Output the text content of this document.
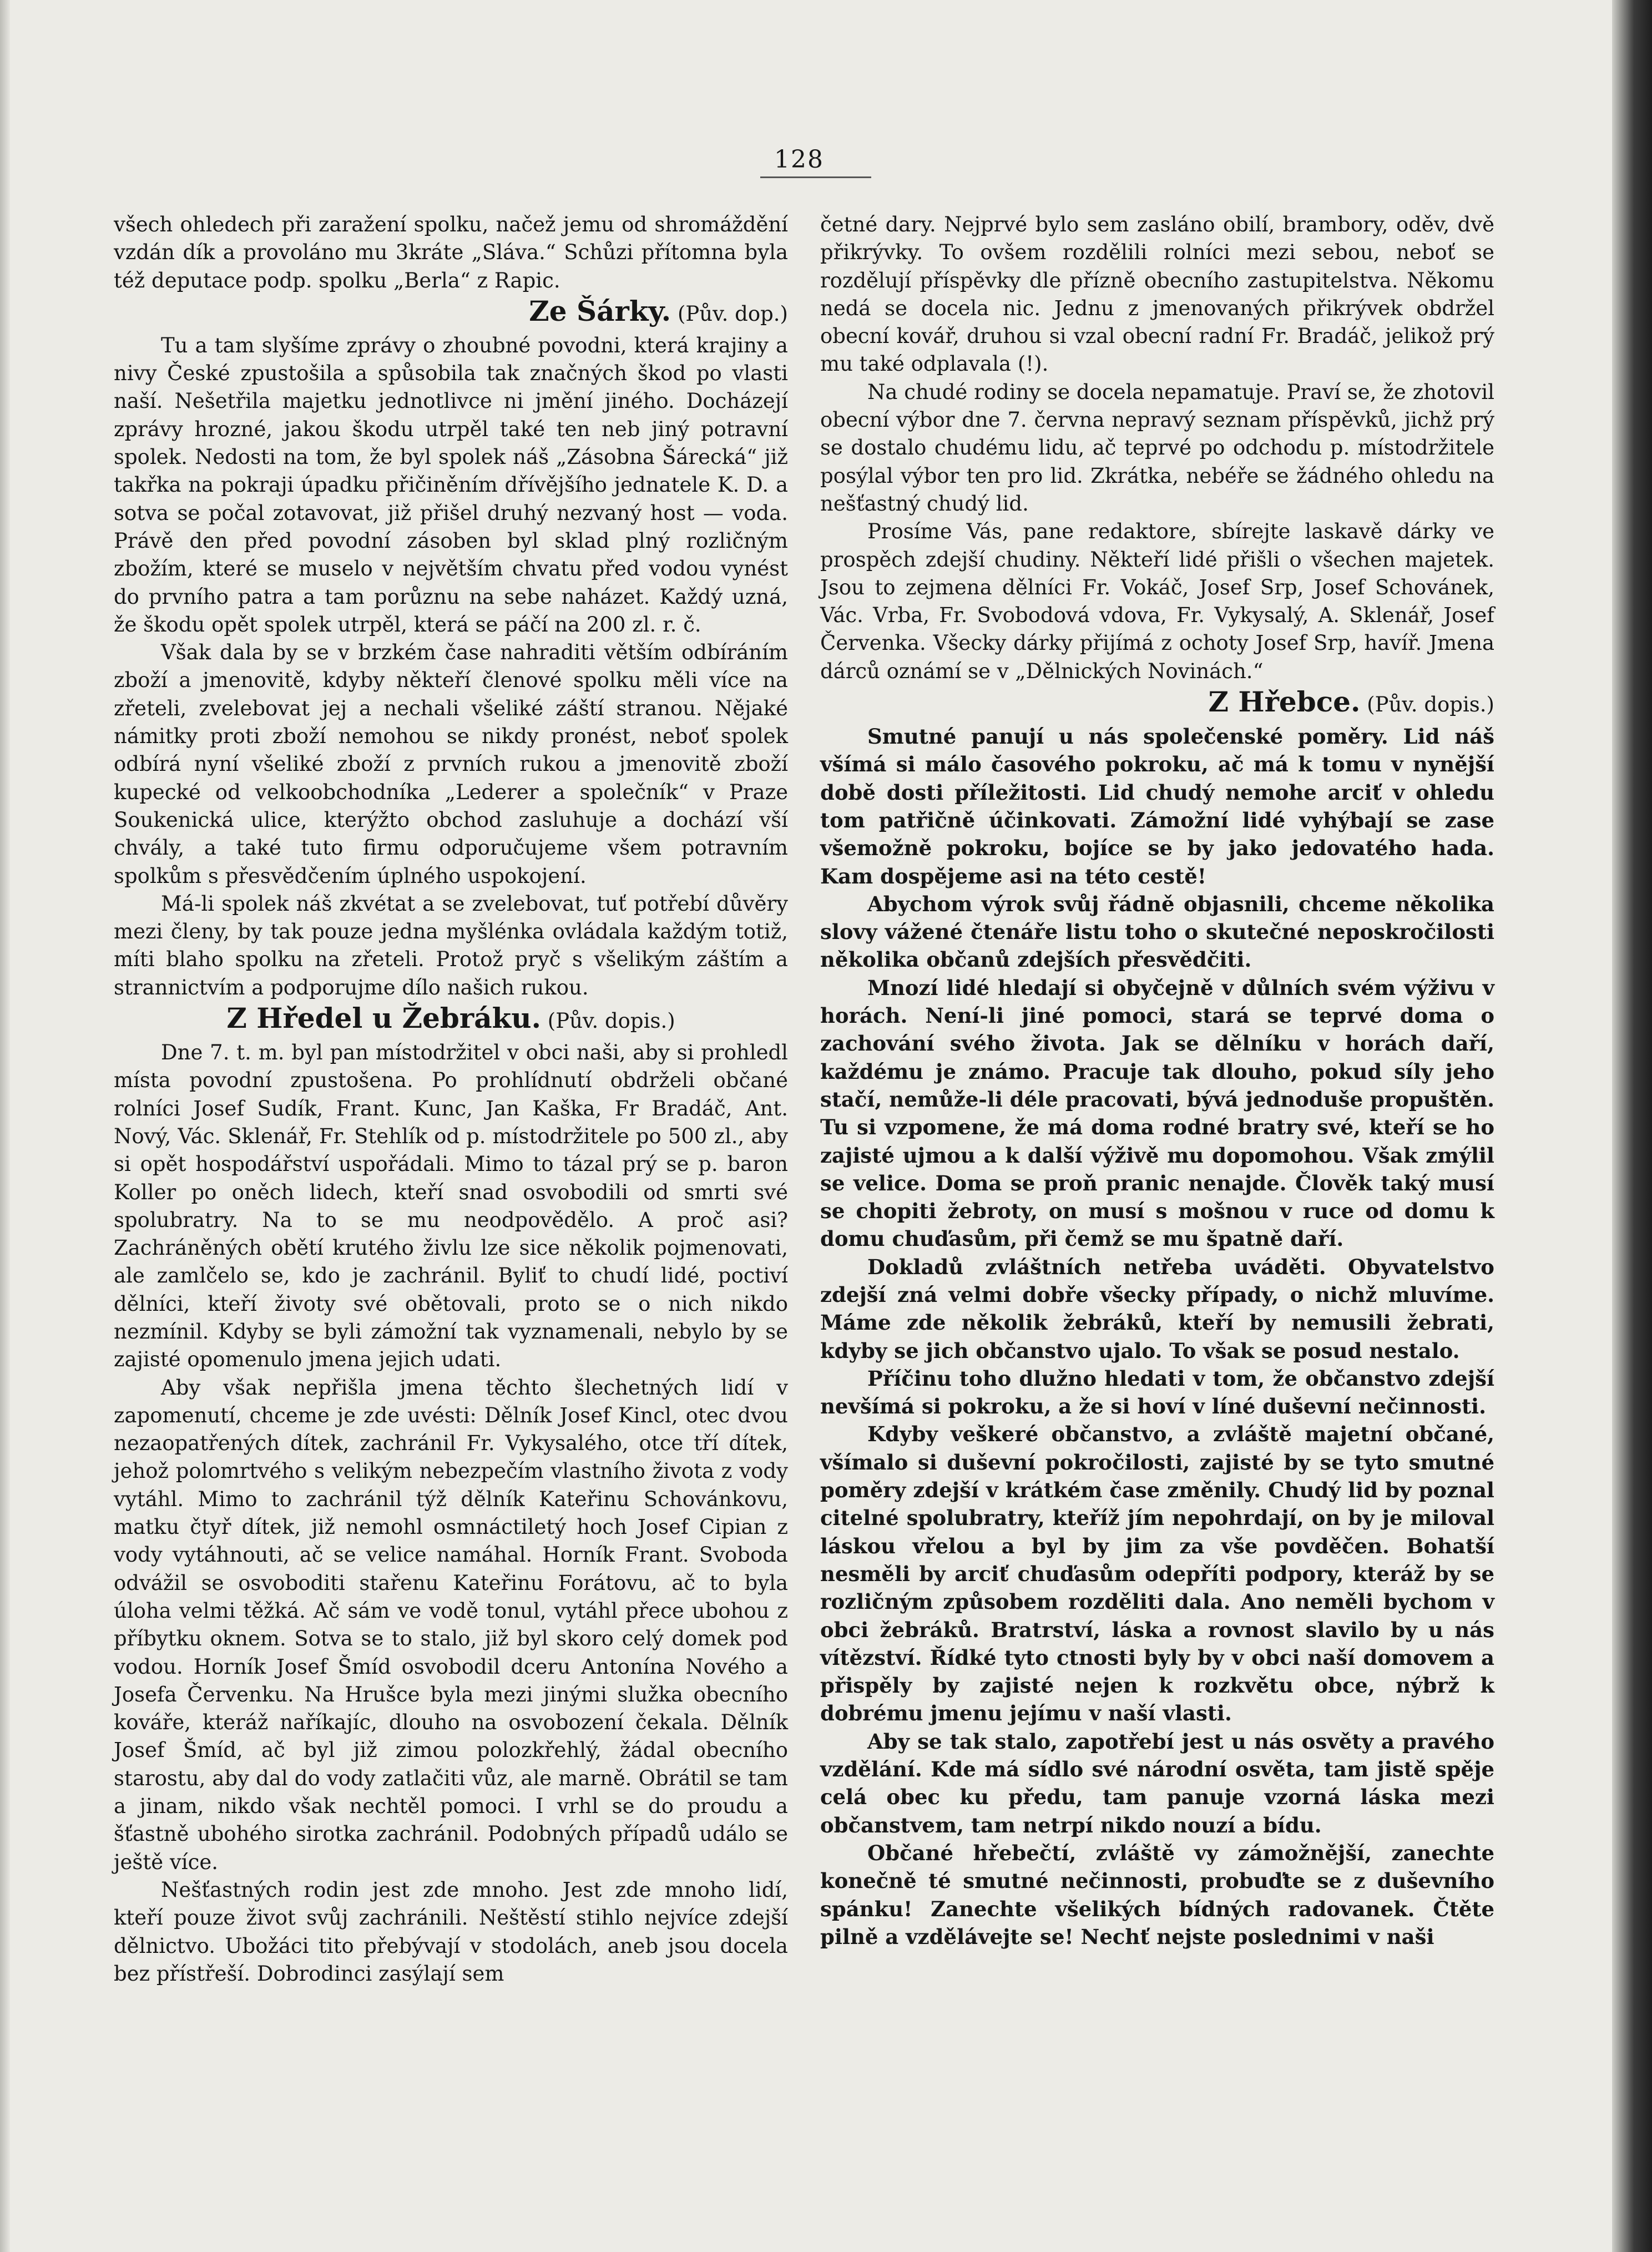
128

všech ohledech při zaražení spolku, načež jemu od shromáždění vzdán dík a provoláno mu 3kráte „Sláva.“ Schůzi přítomna byla též deputace podp. spolku „Berla“ z Rapic.

Ze Šárky. (Pův. dop.)

Tu a tam slyšíme zprávy o zhoubné povodni, která krajiny a nivy České zpustošila a spůsobila tak značných škod po vlasti naší. Nešetřila majetku jednotlivce ni jmění jiného. Docházejí zprávy hrozné, jakou škodu utrpěl také ten neb jiný potravní spolek. Nedosti na tom, že byl spolek náš „Zásobna Šárecká“ již takřka na pokraji úpadku přičiněním dřívějšího jednatele K. D. a sotva se počal zotavovat, již přišel druhý nezvaný host — voda. Právě den před povodní zásoben byl sklad plný rozličným zbožím, které se muselo v největším chvatu před vodou vynést do prvního patra a tam porůznu na sebe naházet. Každý uzná, že škodu opět spolek utrpěl, která se páčí na 200 zl. r. č.

Však dala by se v brzkém čase nahraditi větším odbíráním zboží a jmenovitě, kdyby někteří členové spolku měli více na zřeteli, zvelebovat jej a nechali všeliké záští stranou. Nějaké námitky proti zboží nemohou se nikdy pronést, neboť spolek odbírá nyní všeliké zboží z prvních rukou a jmenovitě zboží kupecké od velkoobchodníka „Lederer a společník“ v Praze Soukenická ulice, kterýžto obchod zasluhuje a dochází vší chvály, a také tuto firmu odporučujeme všem potravním spolkům s přesvědčením úplného uspokojení.

Má-li spolek náš zkvétat a se zvelebovat, tuť potřebí důvěry mezi členy, by tak pouze jedna myšlénka ovládala každým totiž, míti blaho spolku na zřeteli. Protož pryč s všelikým záštím a strannictvím a podporujme dílo našich rukou.

Z Hředel u Žebráku. (Pův. dopis.)

Dne 7. t. m. byl pan místodržitel v obci naši, aby si prohledl místa povodní zpustošena. Po prohlídnutí obdrželi občané rolníci Josef Sudík, Frant. Kunc, Jan Kaška, Fr Bradáč, Ant. Nový, Vác. Sklenář, Fr. Stehlík od p. místodržitele po 500 zl., aby si opět hospodářství uspořádali. Mimo to tázal prý se p. baron Koller po oněch lidech, kteří snad osvobodili od smrti své spolubratry. Na to se mu neodpovědělo. A proč asi? Zachráněných obětí krutého živlu lze sice několik pojmenovati, ale zamlčelo se, kdo je zachránil. Byliť to chudí lidé, poctiví dělníci, kteří životy své obětovali, proto se o nich nikdo nezmínil. Kdyby se byli zámožní tak vyznamenali, nebylo by se zajisté opomenulo jmena jejich udati.

Aby však nepřišla jmena těchto šlechetných lidí v zapomenutí, chceme je zde uvésti: Dělník Josef Kincl, otec dvou nezaopatřených dítek, zachránil Fr. Vykysalého, otce tří dítek, jehož polomrtvého s velikým nebezpečím vlastního života z vody vytáhl. Mimo to zachránil týž dělník Kateřinu Schovánkovu, matku čtyř dítek, již nemohl osmnáctiletý hoch Josef Cipian z vody vytáhnouti, ač se velice namáhal. Horník Frant. Svoboda odvážil se osvoboditi stařenu Kateřinu Forátovu, ač to byla úloha velmi těžká. Ač sám ve vodě tonul, vytáhl přece ubohou z příbytku oknem. Sotva se to stalo, již byl skoro celý domek pod vodou. Horník Josef Šmíd osvobodil dceru Antonína Nového a Josefa Červenku. Na Hrušce byla mezi jinými služka obecního kováře, kteráž naříkajíc, dlouho na osvobození čekala. Dělník Josef Šmíd, ač byl již zimou polozkřehlý, žádal obecního starostu, aby dal do vody zatlačiti vůz, ale marně. Obrátil se tam a jinam, nikdo však nechtěl pomoci. I vrhl se do proudu a šťastně ubohého sirotka zachránil. Podobných případů událo se ještě více.

Nešťastných rodin jest zde mnoho. Jest zde mnoho lidí, kteří pouze život svůj zachránili. Neštěstí stihlo nejvíce zdejší dělnictvo. Ubožáci tito přebývají v stodolách, aneb jsou docela bez přístřeší. Dobrodinci zasýlají sem

četné dary. Nejprvé bylo sem zasláno obilí, brambory, oděv, dvě přikrývky. To ovšem rozdělili rolníci mezi sebou, neboť se rozdělují příspěvky dle přízně obecního zastupitelstva. Někomu nedá se docela nic. Jednu z jmenovaných přikrývek obdržel obecní kovář, druhou si vzal obecní radní Fr. Bradáč, jelikož prý mu také odplavala (!).

Na chudé rodiny se docela nepamatuje. Praví se, že zhotovil obecní výbor dne 7. června nepravý seznam příspěvků, jichž prý se dostalo chudému lidu, ač teprvé po odchodu p. místodržitele posýlal výbor ten pro lid. Zkrátka, nebéře se žádného ohledu na nešťastný chudý lid.

Prosíme Vás, pane redaktore, sbírejte laskavě dárky ve prospěch zdejší chudiny. Někteří lidé přišli o všechen majetek. Jsou to zejmena dělníci Fr. Vokáč, Josef Srp, Josef Schovánek, Vác. Vrba, Fr. Svobodová vdova, Fr. Vykysalý, A. Sklenář, Josef Červenka. Všecky dárky přijímá z ochoty Josef Srp, havíř. Jmena dárců oznámí se v „Dělnických Novinách.“

Z Hřebce. (Pův. dopis.)

Smutné panují u nás společenské poměry. Lid náš všímá si málo časového pokroku, ač má k tomu v nynější době dosti příležitosti. Lid chudý nemohe arciť v ohledu tom patřičně účinkovati. Zámožní lidé vyhýbají se zase všemožně pokroku, bojíce se by jako jedovatého hada. Kam dospějeme asi na této cestě!

Abychom výrok svůj řádně objasnili, chceme několika slovy vážené čtenáře listu toho o skutečné neposkročilosti několika občanů zdejších přesvědčiti.

Mnozí lidé hledají si obyčejně v důlních svém výživu v horách. Není-li jiné pomoci, stará se teprvé doma o zachování svého života. Jak se dělníku v horách daří, každému je známo. Pracuje tak dlouho, pokud síly jeho stačí, nemůže-li déle pracovati, bývá jednoduše propuštěn. Tu si vzpomene, že má doma rodné bratry své, kteří se ho zajisté ujmou a k další výživě mu dopomohou. Však zmýlil se velice. Doma se proň pranic nenajde. Člověk taký musí se chopiti žebroty, on musí s mošnou v ruce od domu k domu chuďasům, při čemž se mu špatně daří.

Dokladů zvláštních netřeba uváděti. Obyvatelstvo zdejší zná velmi dobře všecky případy, o nichž mluvíme. Máme zde několik žebráků, kteří by nemusili žebrati, kdyby se jich občanstvo ujalo. To však se posud nestalo.

Příčinu toho dlužno hledati v tom, že občanstvo zdejší nevšímá si pokroku, a že si hoví v líné duševní nečinnosti.

Kdyby veškeré občanstvo, a zvláště majetní občané, všímalo si duševní pokročilosti, zajisté by se tyto smutné poměry zdejší v krátkém čase změnily. Chudý lid by poznal citelné spolubratry, kteříž jím nepohrdají, on by je miloval láskou vřelou a byl by jim za vše povděčen. Bohatší nesměli by arciť chuďasům odepříti podpory, kteráž by se rozličným způsobem rozděliti dala. Ano neměli bychom v obci žebráků. Bratrství, láska a rovnost slavilo by u nás vítězství. Řídké tyto ctnosti byly by v obci naší domovem a přispěly by zajisté nejen k rozkvětu obce, nýbrž k dobrému jmenu jejímu v naší vlasti.

Aby se tak stalo, zapotřebí jest u nás osvěty a pravého vzdělání. Kde má sídlo své národní osvěta, tam jistě spěje celá obec ku předu, tam panuje vzorná láska mezi občanstvem, tam netrpí nikdo nouzí a bídu.

Občané hřebečtí, zvláště vy zámožnější, zanechte konečně té smutné nečinnosti, probuďte se z duševního spánku! Zanechte všelikých bídných radovanek. Čtěte pilně a vzdělávejte se! Nechť nejste poslednimi v naši
